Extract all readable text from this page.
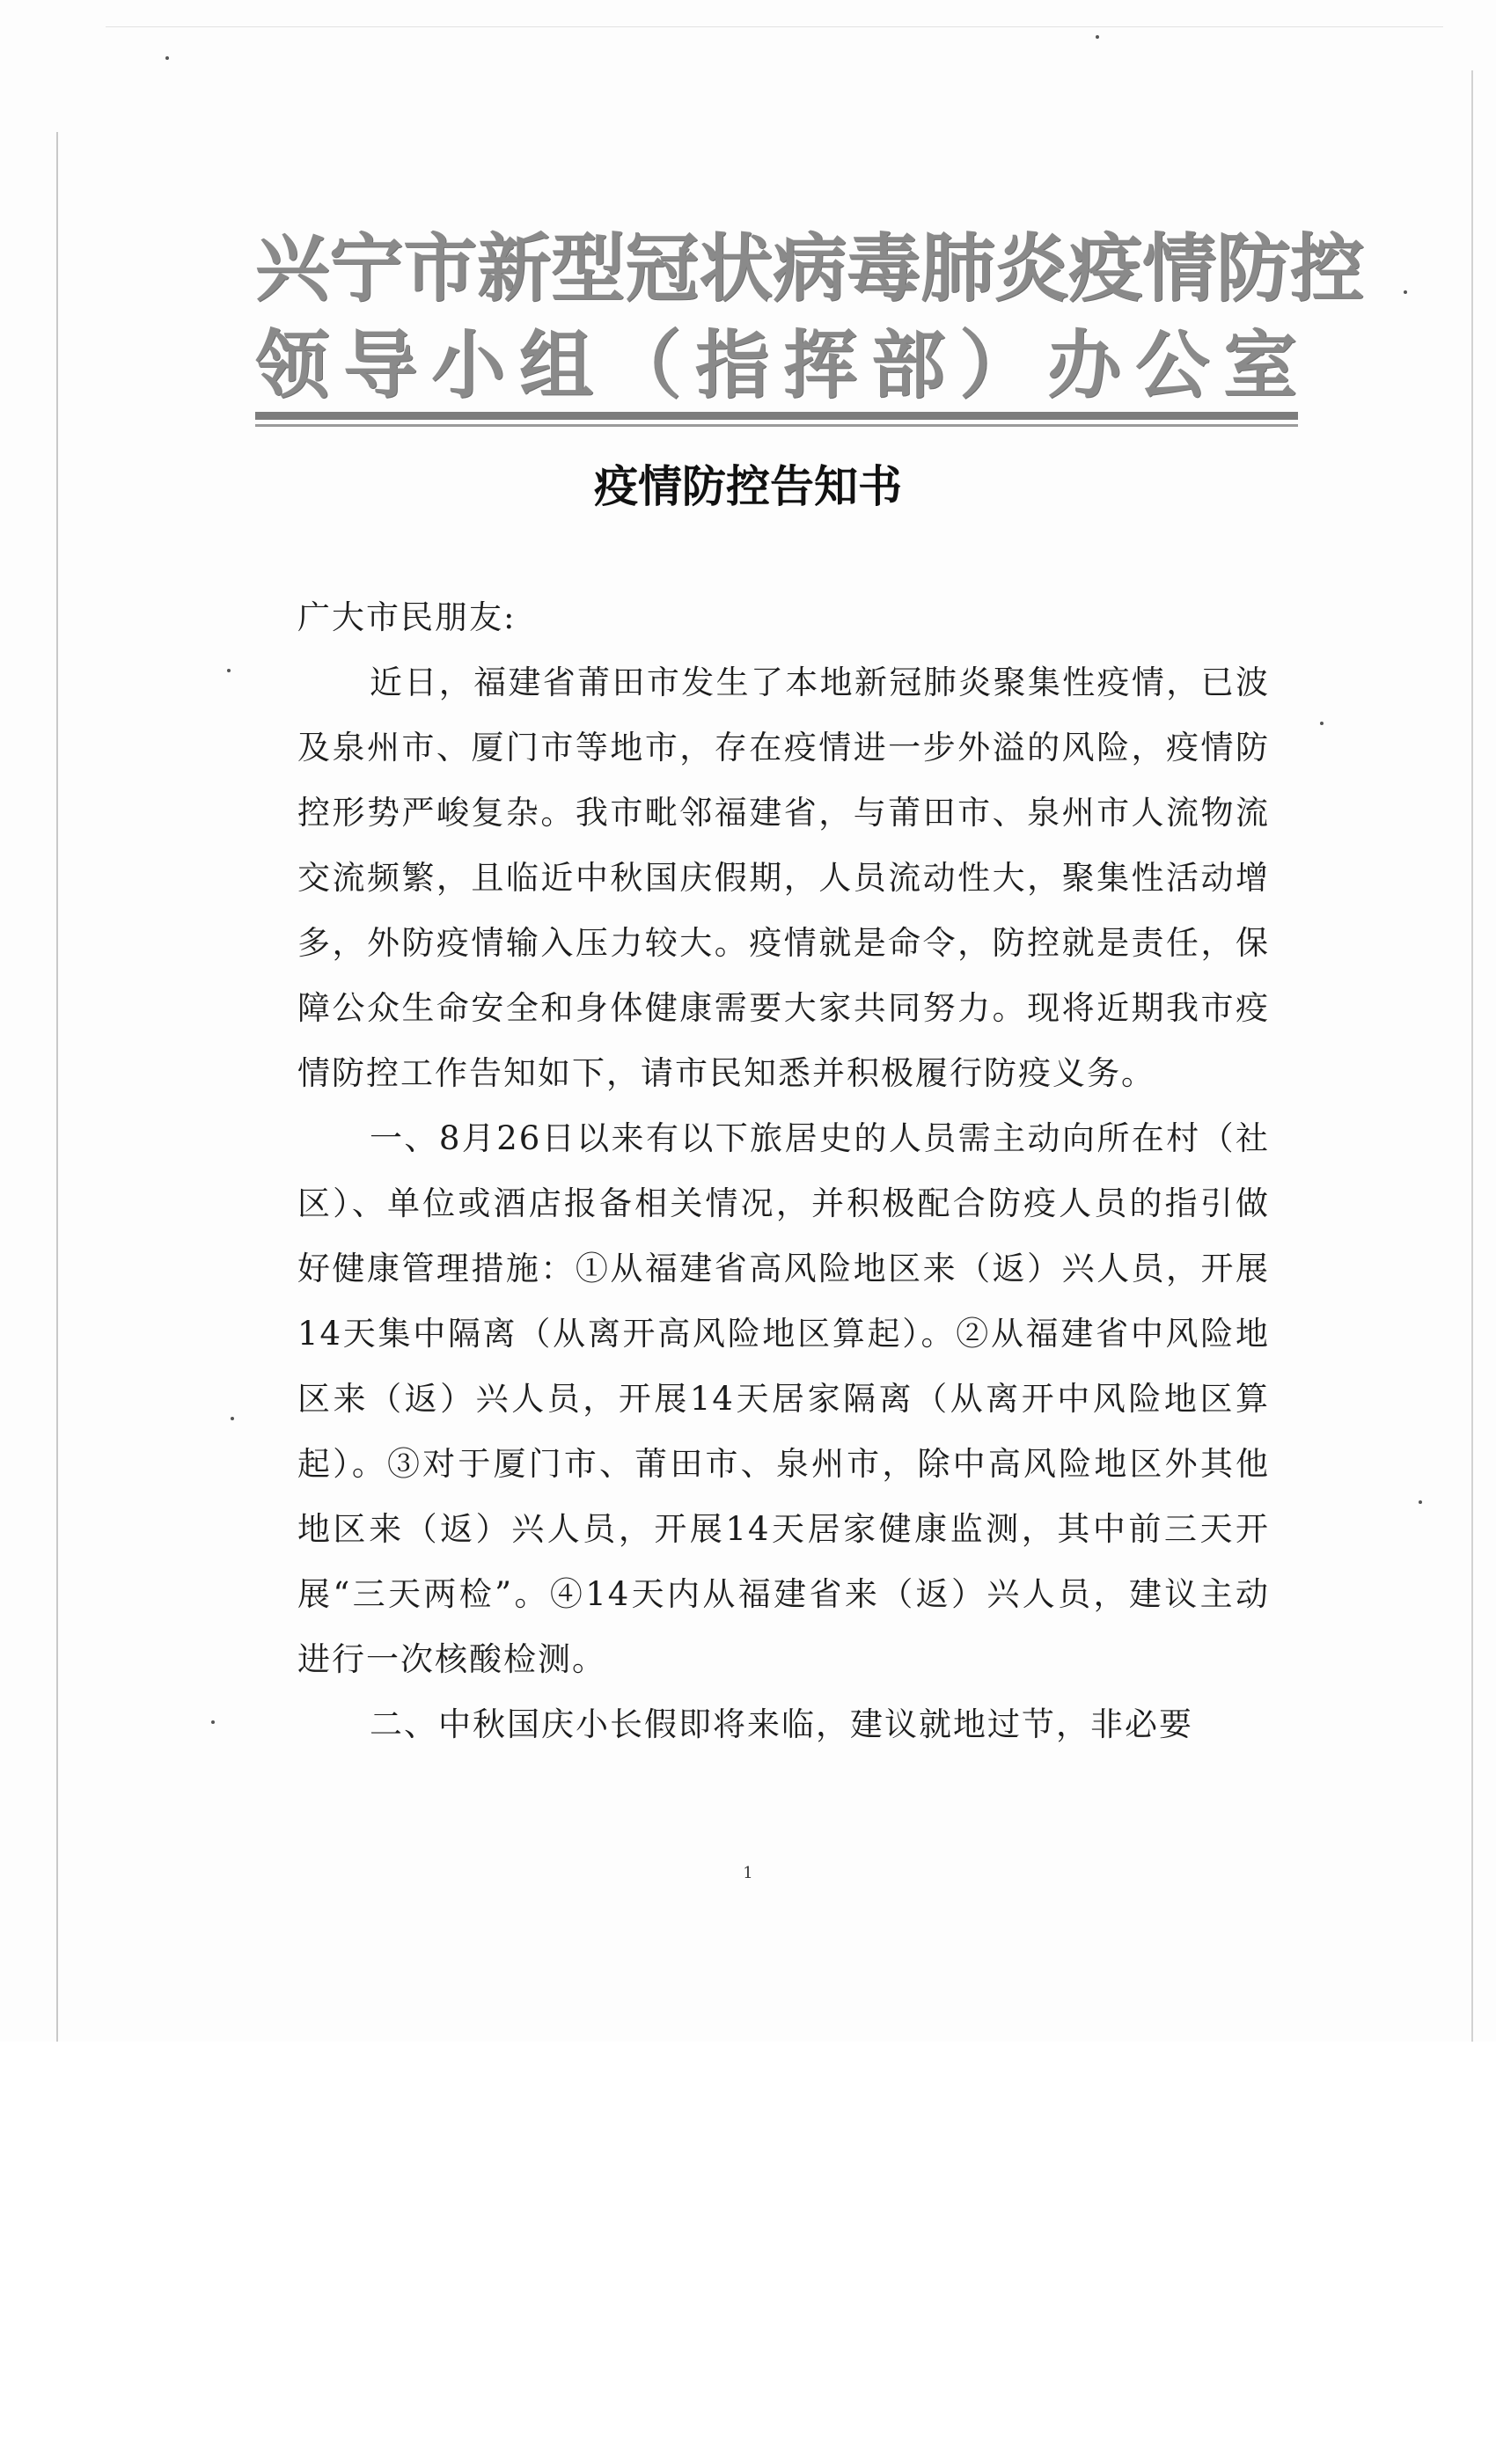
兴宁市新型冠状病毒肺炎疫情防控
领导小组（指挥部）办公室
疫情防控告知书

广大市民朋友:

近日，福建省莆田市发生了本地新冠肺炎聚集性疫情，已波及泉州市、厦门市等地市，存在疫情进一步外溢的风险，疫情防控形势严峻复杂。我市毗邻福建省，与莆田市、泉州市人流物流交流频繁，且临近中秋国庆假期，人员流动性大，聚集性活动增多，外防疫情输入压力较大。疫情就是命令，防控就是责任，保障公众生命安全和身体健康需要大家共同努力。现将近期我市疫情防控工作告知如下，请市民知悉并积极履行防疫义务。

一、8月26日以来有以下旅居史的人员需主动向所在村（社区）、单位或酒店报备相关情况，并积极配合防疫人员的指引做好健康管理措施：①从福建省高风险地区来（返）兴人员，开展14天集中隔离（从离开高风险地区算起）。②从福建省中风险地区来（返）兴人员，开展14天居家隔离（从离开中风险地区算起）。③对于厦门市、莆田市、泉州市，除中高风险地区外其他地区来（返）兴人员，开展14天居家健康监测，其中前三天开展“三天两检”。④14天内从福建省来（返）兴人员，建议主动进行一次核酸检测。

二、中秋国庆小长假即将来临，建议就地过节，非必要

1
